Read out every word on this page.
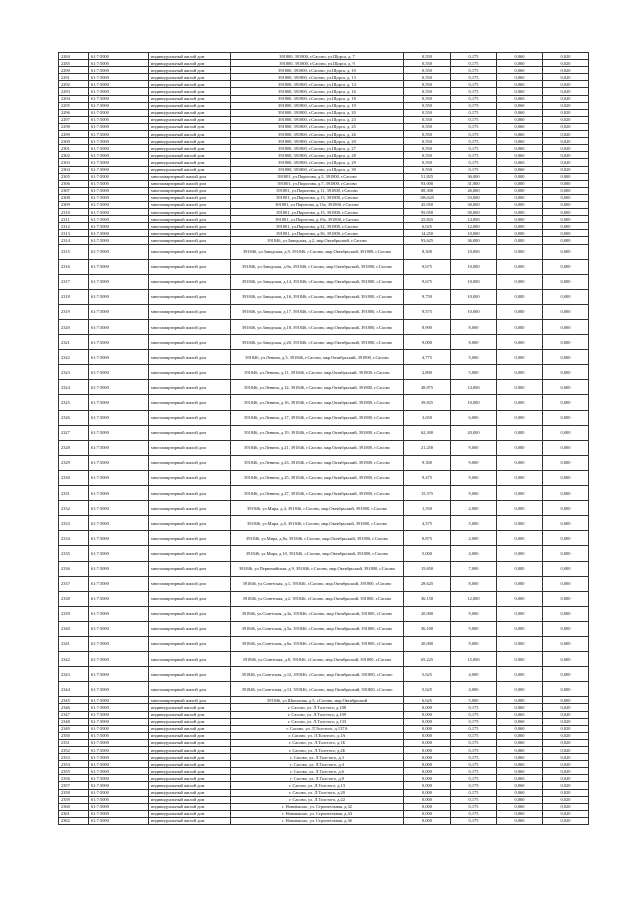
2284	61:7:5000	индивидуальный жилой дом	391800, 391800, г.Сасово, ул.Щорса, д. 7	0,550	0,175	0,060	0,020
2285	61:7:5000	индивидуальный жилой дом	391800, 391800, г.Сасово, ул.Щорса, д. 9	0,550	0,175	0,060	0,020
2290	61:7:5000	индивидуальный жилой дом	391800, 391800, г.Сасово, ул.Щорса, д. 10	0,550	0,175	0,060	0,020
2291	61:7:5000	индивидуальный жилой дом	391800, 391800, г.Сасово, ул.Щорса, д. 13	0,550	0,175	0,060	0,020
2292	61:7:5000	индивидуальный жилой дом	391800, 391800, г.Сасово, ул.Щорса, д. 14	0,550	0,175	0,060	0,020
2293	61:7:5000	индивидуальный жилой дом	391800, 391800, г.Сасово, ул.Щорса, д. 16	0,550	0,175	0,060	0,020
2294	61:7:5000	индивидуальный жилой дом	391800, 391800, г.Сасово, ул.Щорса, д. 18	0,550	0,175	0,060	0,020
2295	61:7:5000	индивидуальный жилой дом	391800, 391800, г.Сасово, ул.Щорса, д. 19	0,550	0,175	0,060	0,020
2296	61:7:5000	индивидуальный жилой дом	391800, 391800, г.Сасово, ул.Щорса, д. 20	0,550	0,175	0,060	0,020
2297	61:7:5000	индивидуальный жилой дом	391800, 391800, г.Сасово, ул.Щорса, д. 23	0,550	0,175	0,060	0,020
2298	61:7:5000	индивидуальный жилой дом	391800, 391800, г.Сасово, ул.Щорса, д. 25	0,550	0,175	0,060	0,020
2299	61:7:5000	индивидуальный жилой дом	391800, 391800, г.Сасово, ул.Щорса, д. 26	0,550	0,175	0,060	0,020
2300	61:7:5000	индивидуальный жилой дом	391800, 391800, г.Сасово, ул.Щорса, д. 29	0,550	0,175	0,060	0,020
2301	61:7:5000	индивидуальный жилой дом	391800, 391800, г.Сасово, ул.Щорса, д. 27	0,550	0,175	0,060	0,020
2302	61:7:5000	индивидуальный жилой дом	391800, 391800, г.Сасово, ул.Щорса, д. 28	0,550	0,175	0,060	0,020
2303	61:7:5000	индивидуальный жилой дом	391800, 391800, г.Сасово, ул.Щорса, д. 29	0,550	0,175	0,060	0,020
2304	61:7:5000	индивидуальный жилой дом	391800, 391800, г.Сасово, ул.Щорса, д. 30	0,550	0,175	0,060	0,020
2305	61:7:5000	многоквартирный жилой дом	391801, ул.Пирогова, д.5, 391800, г.Сасово	51,825	36,000	0,000	0,000
2306	61:7:5000	многоквартирный жилой дом	391801, ул.Пирогова, д.7, 391800, г.Сасово	93,000	31,000	0,000	0,000
2307	61:7:5000	многоквартирный жилой дом	391801, ул.Пирогова, д.11, 391800, г.Сасово	88,300	26,000	0,000	0,000
2308	61:7:5000	многоквартирный жилой дом	391801, ул.Пирогова, д.13, 391800, г.Сасово	106,625	53,000	0,000	0,000
2309	61:7:5000	многоквартирный жилой дом	391801, ул.Пирогова, д.13а, 391800, г.Сасово	45,950	30,000	0,000	0,000
2310	61:7:5000	многоквартирный жилой дом	391801, ул.Пирогова, д.15, 391800, г.Сасово	95,050	50,000	0,000	0,000
2311	61:7:5000	многоквартирный жилой дом	391801, ул.Пирогова, д.19а, 391800, г.Сасово	25,825	14,000	0,000	0,000
2312	61:7:5000	многоквартирный жилой дом	391801, ул.Пирогова, д.32, 391800, г.Сасово	6,025	12,000	0,000	0,000
2313	61:7:5000	многоквартирный жилой дом	391801, ул.Пирогова, д.36, 391800, г.Сасово	14,250	10,000	0,000	0,000
2314	61:7:5000	многоквартирный жилой дом	391846, ул.Заводская, д.2, мкр.Октябрьский, г.Сасово	93,625	36,000	0,000	0,000
2315	61:7:5000	многоквартирный жилой дом	391846, ул.Заводская, д.9, 391846, г.Сасово, мкр.Октябрьский, 391800, г.Сасово	8,300	10,000	0,000	0,000
2316	61:7:5000	многоквартирный жилой дом	391846, ул.Заводская, д.9а, 391846, г.Сасово, мкр.Октябрьский, 391800, г.Сасово	9,675	10,000	0,000	0,000
2317	61:7:5000	многоквартирный жилой дом	391846, ул.Заводская, д.14, 391846, г.Сасово, мкр.Октябрьский, 391800, г.Сасово	9,675	10,000	0,000	0,000
2318	61:7:5000	многоквартирный жилой дом	391846, ул.Заводская, д.16, 391846, г.Сасово, мкр.Октябрьский, 391800, г.Сасово	9,750	10,000	0,000	0,000
2319	61:7:5000	многоквартирный жилой дом	391846, ул.Заводская, д.17, 391846, г.Сасово, мкр.Октябрьский, 391800, г.Сасово	9,575	10,000	0,000	0,000
2320	61:7:5000	многоквартирный жилой дом	391846, ул.Заводская, д.18, 391846, г.Сасово, мкр.Октябрьский, 391800, г.Сасово	8,900	8,000	0,000	0,000
2321	61:7:5000	многоквартирный жилой дом	391846, ул.Заводская, д.20, 391846, г.Сасово, мкр.Октябрьский, 391800, г.Сасово	9,000	8,000	0,000	0,000
2322	61:7:5000	многоквартирный жилой дом	391846, ул.Ленина, д.5, 391846, г.Сасово, мкр.Октябрьский, 391800, г.Сасово	4,775	5,000	0,000	0,000
2323	61:7:5000	многоквартирный жилой дом	391846, ул.Ленина, д.11, 391846, г.Сасово, мкр.Октябрьский, 391800, г.Сасово	2,800	5,000	0,000	0,000
2324	61:7:5000	многоквартирный жилой дом	391846, ул.Ленина, д.14, 391846, г.Сасово, мкр.Октябрьский, 391800, г.Сасово	48,875	14,000	0,000	0,000
2325	61:7:5000	многоквартирный жилой дом	391846, ул.Ленина, д.16, 391846, г.Сасово, мкр.Октябрьский, 391800, г.Сасово	39,825	10,000	0,000	0,000
2326	61:7:5000	многоквартирный жилой дом	391846, ул.Ленина, д.17, 391846, г.Сасово, мкр.Октябрьский, 391800, г.Сасово	3,650	6,000	0,000	0,000
2327	61:7:5000	многоквартирный жилой дом	391846, ул.Ленина, д.19, 391846, г.Сасово, мкр.Октябрьский, 391800, г.Сасово	62,300	20,000	0,000	0,000
2328	61:7:5000	многоквартирный жилой дом	391846, ул.Ленина, д.21, 391846, г.Сасово, мкр.Октябрьский, 391800, г.Сасово	21,250	9,000	0,000	0,000
2329	61:7:5000	многоквартирный жилой дом	391846, ул.Ленина, д.23, 391846, г.Сасово, мкр.Октябрьский, 391800, г.Сасово	9,300	9,000	0,000	0,000
2330	61:7:5000	многоквартирный жилой дом	391846, ул.Ленина, д.25, 391846, г.Сасово, мкр.Октябрьский, 391800, г.Сасово	9,475	9,000	0,000	0,000
2331	61:7:5000	многоквартирный жилой дом	391846, ул.Ленина, д.27, 391846, г.Сасово, мкр.Октябрьский, 391800, г.Сасово	15,375	9,000	0,000	0,000
2332	61:7:5000	многоквартирный жилой дом	391846, ул.Мира, д.4, 391846, г.Сасово, мкр.Октябрьский, 391800, г.Сасово	1,350	2,000	0,000	0,000
2333	61:7:5000	многоквартирный жилой дом	391846, ул.Мира, д.6, 391846, г.Сасово, мкр.Октябрьский, 391800, г.Сасово	4,575	5,000	0,000	0,000
2334	61:7:5000	многоквартирный жилой дом	391846, ул.Мира, д.8а, 391846, г.Сасово, мкр.Октябрьский, 391800, г.Сасово	0,875	2,000	0,000	0,000
2335	61:7:5000	многоквартирный жилой дом	391846, ул.Мира, д.10, 391846, г.Сасово, мкр.Октябрьский, 391800, г.Сасово	5,000	4,000	0,000	0,000
2336	61:7:5000	многоквартирный жилой дом	391846, ул.Первомайская, д.9, 391846, г.Сасово, мкр.Октябрьский, 391800, г.Сасово	15,650	7,000	0,000	0,000
2337	61:7:5000	многоквартирный жилой дом	391846, ул.Советская, д.1, 391846, г.Сасово, мкр.Октябрьский, 391800, г.Сасово	28,625	8,000	0,000	0,000
2338	61:7:5000	многоквартирный жилой дом	391846, ул.Советская, д.2, 391846, г.Сасово, мкр.Октябрьский, 391800, г.Сасово	36,150	12,000	0,000	0,000
2339	61:7:5000	многоквартирный жилой дом	391846, ул.Советская, д.3а, 391846, г.Сасово, мкр.Октябрьский, 391800, г.Сасово	20,000	9,000	0,000	0,000
2340	61:7:5000	многоквартирный жилой дом	391846, ул.Советская, д.5а, 391846, г.Сасово, мкр.Октябрьский, 391800, г.Сасово	36,100	9,000	0,000	0,000
2341	61:7:5000	многоквартирный жилой дом	391846, ул.Советская, д.6а, 391846, г.Сасово, мкр.Октябрьский, 391800, г.Сасово	20,000	9,000	0,000	0,000
2342	61:7:5000	многоквартирный жилой дом	391846, ул.Советская, д.8, 391846, г.Сасово, мкр.Октябрьский, 391800, г.Сасово	65,225	15,000	0,000	0,000
2343	61:7:5000	многоквартирный жилой дом	391846, ул.Советская, д.12, 391846, г.Сасово, мкр.Октябрьский, 391800, г.Сасово	5,625	4,000	0,000	0,000
2344	61:7:5000	многоквартирный жилой дом	391846, ул.Советская, д.13, 391846, г.Сасово, мкр.Октябрьский, 391800, г.Сасово	5,625	4,000	0,000	0,000
2345	61:7:5000	многоквартирный жилой дом	391846, ул.Школьная, д.5, г.Сасово, мкр.Октябрьский	6,625	5,000	0,000	0,000
2346	61:7:5000	индивидуальный жилой дом	г. Сасово, ул. Л.Толстого, д.108	0,000	0,175	0,060	0,020
2347	61:7:5000	индивидуальный жилой дом	г. Сасово, ул. Л.Толстого, д.109	0,000	0,175	0,060	0,020
2348	61:7:5000	индивидуальный жилой дом	г. Сасово, ул. Л.Толстого, д.133	0,000	0,175	0,060	0,020
2349	61:7:5000	индивидуальный жилой дом	г. Сасово, ул. Л.Толстого, д.137А	0,000	0,175	0,060	0,020
2350	61:7:5000	индивидуальный жилой дом	г. Сасово, ул. Л.Толстого, д.1А	0,000	0,175	0,060	0,020
2351	61:7:5000	индивидуальный жилой дом	г. Сасово, ул. Л.Толстого, д.1Б	0,000	0,175	0,060	0,020
2352	61:7:5000	индивидуальный жилой дом	г. Сасово, ул. Л.Толстого, д.2Б	0,000	0,175	0,060	0,020
2353	61:7:5000	индивидуальный жилой дом	г. Сасово, ул. Л.Толстого, д.3	0,000	0,175	0,060	0,020
2354	61:7:5000	индивидуальный жилой дом	г. Сасово, ул. Л.Толстого, д.4	0,000	0,175	0,060	0,020
2355	61:7:5000	индивидуальный жилой дом	г. Сасово, ул. Л.Толстого, д.6	0,000	0,175	0,060	0,020
2356	61:7:5000	индивидуальный жилой дом	г. Сасово, ул. Л.Толстого, д.8	0,000	0,175	0,060	0,020
2357	61:7:5000	индивидуальный жилой дом	г. Сасово, ул. Л.Толстого, д.13	0,000	0,175	0,060	0,020
2358	61:7:5000	индивидуальный жилой дом	г. Сасово, ул. Л.Толстого, д.20	0,000	0,175	0,060	0,020
2359	61:7:5000	индивидуальный жилой дом	г. Сасово, ул. Л.Толстого, д.22	0,000	0,175	0,060	0,020
2360	61:7:5000	индивидуальный жилой дом	г. Нововысыо, ул. Строительная, д.32	0,000	0,175	0,060	0,020
2361	61:7:5000	индивидуальный жилой дом	г. Нововысыо, ул. Строительная, д.34	0,000	0,175	0,060	0,020
2362	61:7:5000	индивидуальный жилой дом	г. Нововысыо, ул. Строительная, д.36	0,000	0,175	0,060	0,020
